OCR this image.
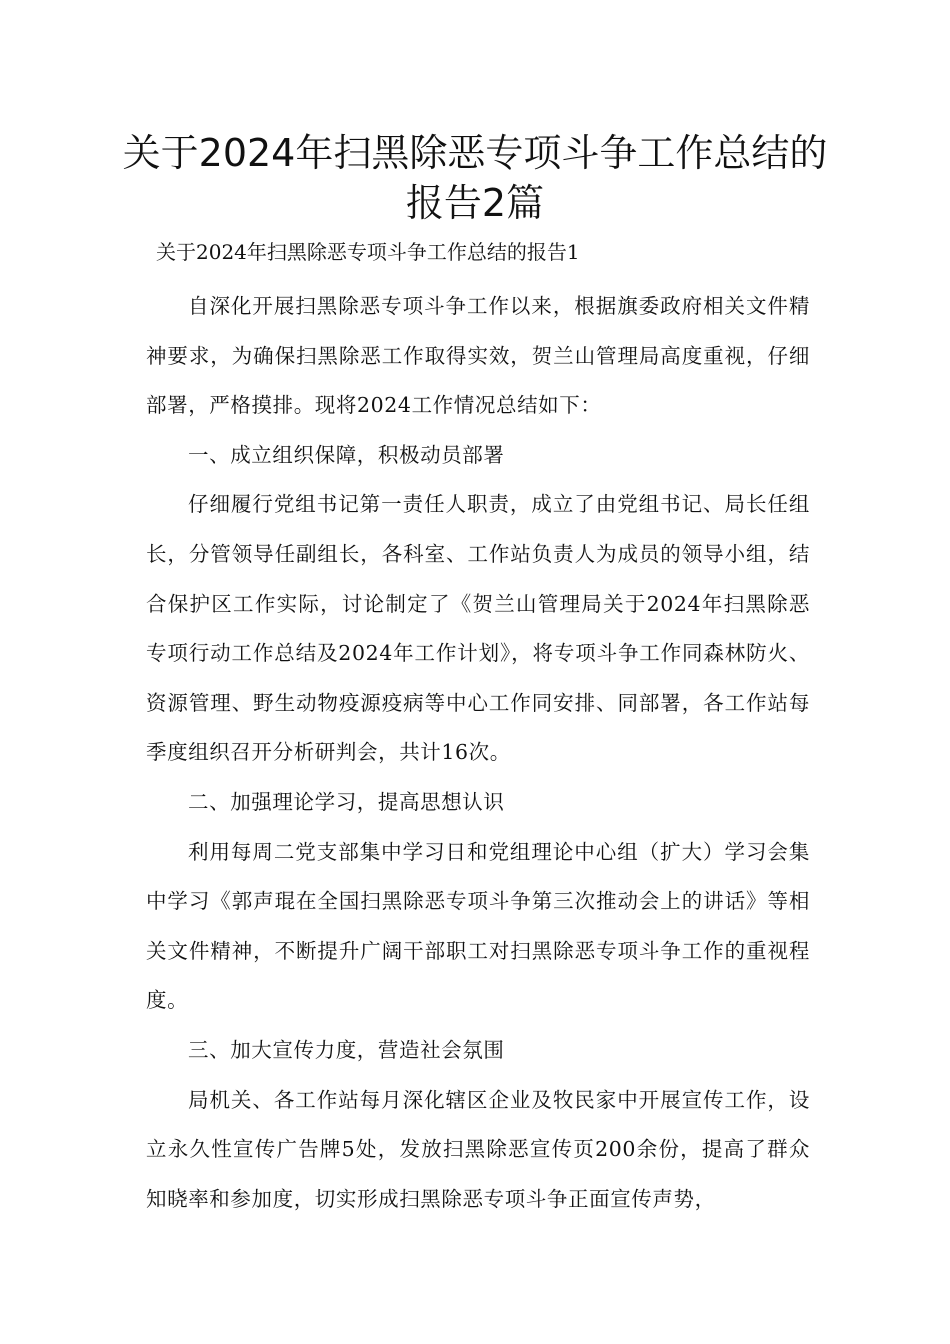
关于2024年扫黑除恶专项斗争工作总结的报告2篇

关于2024年扫黑除恶专项斗争工作总结的报告1

自深化开展扫黑除恶专项斗争工作以来，根据旗委政府相关文件精神要求，为确保扫黑除恶工作取得实效，贺兰山管理局高度重视，仔细部署，严格摸排。现将2024工作情况总结如下：

一、成立组织保障，积极动员部署

仔细履行党组书记第一责任人职责，成立了由党组书记、局长任组长，分管领导任副组长，各科室、工作站负责人为成员的领导小组，结合保护区工作实际，讨论制定了《贺兰山管理局关于2024年扫黑除恶专项行动工作总结及2024年工作计划》，将专项斗争工作同森林防火、资源管理、野生动物疫源疫病等中心工作同安排、同部署，各工作站每季度组织召开分析研判会，共计16次。

二、加强理论学习，提高思想认识

利用每周二党支部集中学习日和党组理论中心组（扩大）学习会集中学习《郭声琨在全国扫黑除恶专项斗争第三次推动会上的讲话》等相关文件精神，不断提升广阔干部职工对扫黑除恶专项斗争工作的重视程度。

三、加大宣传力度，营造社会氛围

局机关、各工作站每月深化辖区企业及牧民家中开展宣传工作，设立永久性宣传广告牌5处，发放扫黑除恶宣传页200余份，提高了群众知晓率和参加度，切实形成扫黑除恶专项斗争正面宣传声势，
